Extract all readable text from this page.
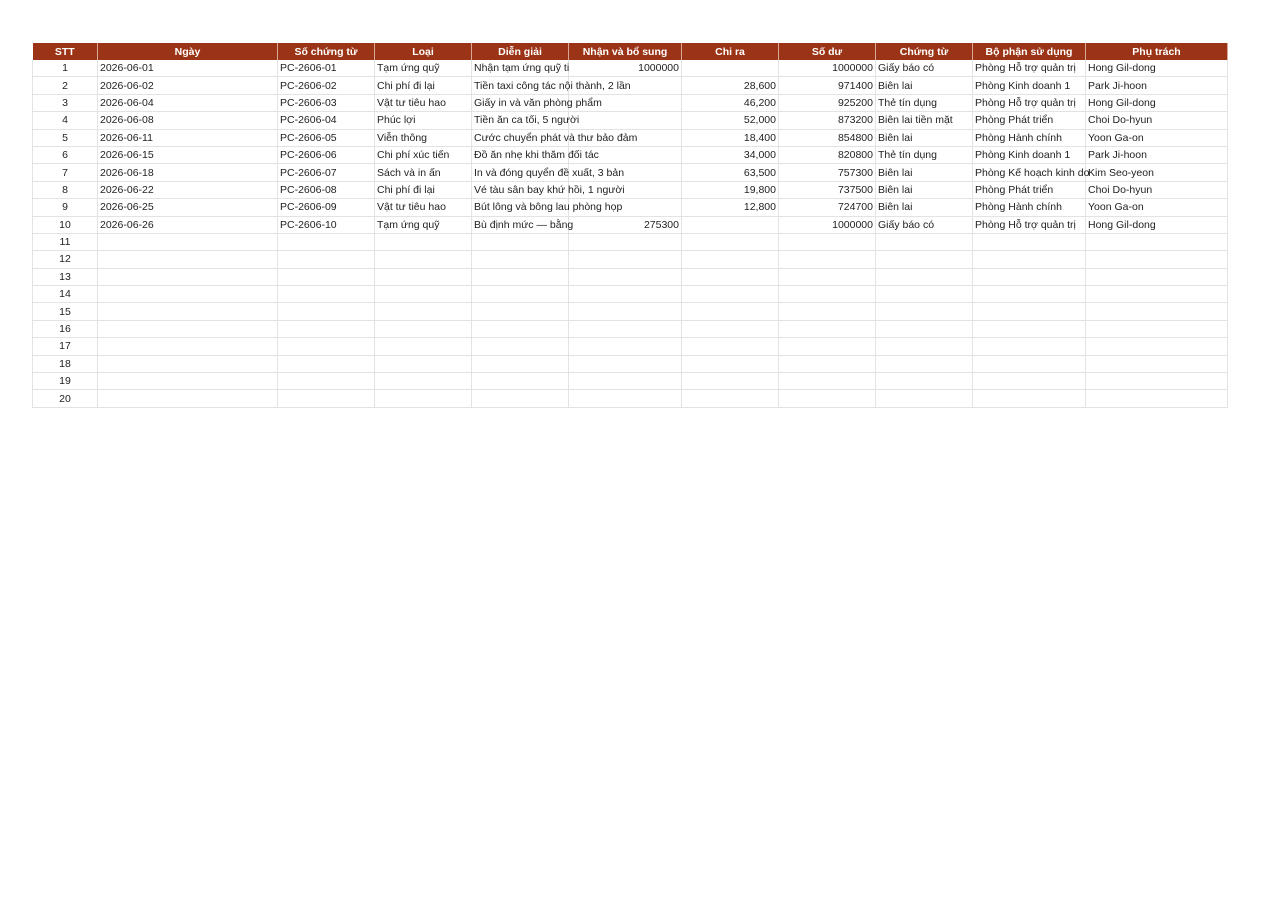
STT	Ngày	Số chứng từ	Loại	Diễn giải	Nhận và bổ sung	Chi ra	Số dư	Chứng từ	Bộ phận sử dụng	Phụ trách
1	2026-06-01	PC-2606-01	Tạm ứng quỹ	Nhận tạm ứng quỹ ti	1000000		1000000	Giấy báo có	Phòng Hỗ trợ quản trị	Hong Gil-dong
2	2026-06-02	PC-2606-02	Chi phí đi lại	Tiền taxi công tác nội thành, 2 lần		28,600	971400	Biên lai	Phòng Kinh doanh 1	Park Ji-hoon
3	2026-06-04	PC-2606-03	Vật tư tiêu hao	Giấy in và văn phòng phẩm		46,200	925200	Thẻ tín dụng	Phòng Hỗ trợ quản trị	Hong Gil-dong
4	2026-06-08	PC-2606-04	Phúc lợi	Tiền ăn ca tối, 5 người		52,000	873200	Biên lai tiền mặt	Phòng Phát triển	Choi Do-hyun
5	2026-06-11	PC-2606-05	Viễn thông	Cước chuyển phát và thư bảo đảm		18,400	854800	Biên lai	Phòng Hành chính	Yoon Ga-on
6	2026-06-15	PC-2606-06	Chi phí xúc tiến	Đồ ăn nhẹ khi thăm đối tác		34,000	820800	Thẻ tín dụng	Phòng Kinh doanh 1	Park Ji-hoon
7	2026-06-18	PC-2606-07	Sách và in ấn	In và đóng quyển đề xuất, 3 bản		63,500	757300	Biên lai	Phòng Kế hoạch kinh do	Kim Seo-yeon
8	2026-06-22	PC-2606-08	Chi phí đi lại	Vé tàu sân bay khứ hồi, 1 người		19,800	737500	Biên lai	Phòng Phát triển	Choi Do-hyun
9	2026-06-25	PC-2606-09	Vật tư tiêu hao	Bút lông và bông lau phòng họp		12,800	724700	Biên lai	Phòng Hành chính	Yoon Ga-on
10	2026-06-26	PC-2606-10	Tạm ứng quỹ	Bù định mức — bằng	275300		1000000	Giấy báo có	Phòng Hỗ trợ quản trị	Hong Gil-dong
11										
12										
13										
14										
15										
16										
17										
18										
19										
20										
